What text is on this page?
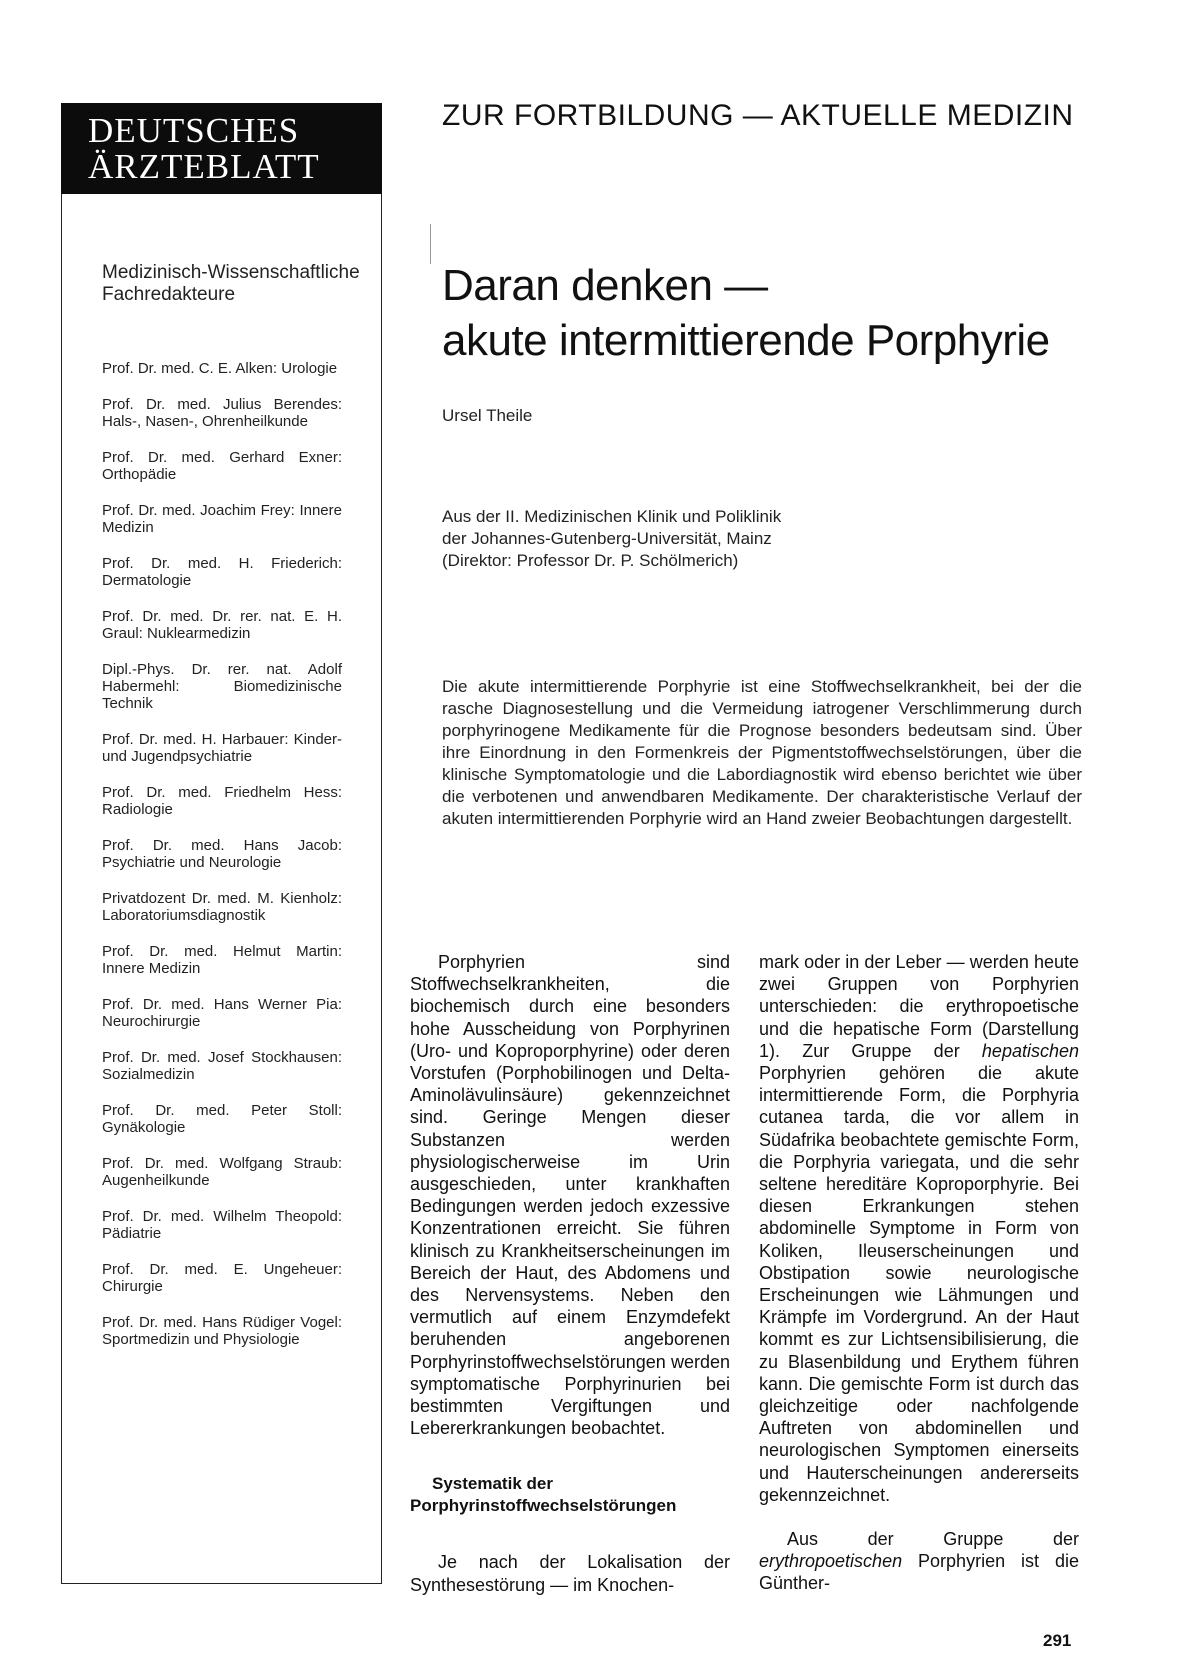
DEUTSCHES
ÄRZTEBLATT
Medizinisch-Wissenschaftliche Fachredakteure
Prof. Dr. med. C. E. Alken: Urologie
Prof. Dr. med. Julius Berendes: Hals-, Nasen-, Ohrenheilkunde
Prof. Dr. med. Gerhard Exner: Orthopädie
Prof. Dr. med. Joachim Frey: Innere Medizin
Prof. Dr. med. H. Friederich: Dermatologie
Prof. Dr. med. Dr. rer. nat. E. H. Graul: Nuklearmedizin
Dipl.-Phys. Dr. rer. nat. Adolf Habermehl: Biomedizinische Technik
Prof. Dr. med. H. Harbauer: Kinder- und Jugendpsychiatrie
Prof. Dr. med. Friedhelm Hess: Radiologie
Prof. Dr. med. Hans Jacob: Psychiatrie und Neurologie
Privatdozent Dr. med. M. Kienholz: Laboratoriumsdiagnostik
Prof. Dr. med. Helmut Martin: Innere Medizin
Prof. Dr. med. Hans Werner Pia: Neurochirurgie
Prof. Dr. med. Josef Stockhausen: Sozialmedizin
Prof. Dr. med. Peter Stoll: Gynäkologie
Prof. Dr. med. Wolfgang Straub: Augenheilkunde
Prof. Dr. med. Wilhelm Theopold: Pädiatrie
Prof. Dr. med. E. Ungeheuer: Chirurgie
Prof. Dr. med. Hans Rüdiger Vogel: Sportmedizin und Physiologie
ZUR FORTBILDUNG — AKTUELLE MEDIZIN
Daran denken —
akute intermittierende Porphyrie
Ursel Theile
Aus der II. Medizinischen Klinik und Poliklinik
der Johannes-Gutenberg-Universität, Mainz
(Direktor: Professor Dr. P. Schölmerich)

Die akute intermittierende Porphyrie ist eine Stoffwechselkrankheit, bei der die rasche Diagnosestellung und die Vermeidung iatrogener Verschlimmerung durch porphyrinogene Medikamente für die Prognose besonders bedeutsam sind. Über ihre Einordnung in den Formenkreis der Pigmentstoffwechselstörungen, über die klinische Symptomatologie und die Labordiagnostik wird ebenso berichtet wie über die verbotenen und anwendbaren Medikamente. Der charakteristische Verlauf der akuten intermittierenden Porphyrie wird an Hand zweier Beobachtungen dargestellt.

Porphyrien sind Stoffwechselkrankheiten, die biochemisch durch eine besonders hohe Ausscheidung von Porphyrinen (Uro- und Koproporphyrine) oder deren Vorstufen (Porphobilinogen und Delta-Aminolävulinsäure) gekennzeichnet sind. Geringe Mengen dieser Substanzen werden physiologischerweise im Urin ausgeschieden, unter krankhaften Bedingungen werden jedoch exzessive Konzentrationen erreicht. Sie führen klinisch zu Krankheitserscheinungen im Bereich der Haut, des Abdomens und des Nervensystems. Neben den vermutlich auf einem Enzymdefekt beruhenden angeborenen Porphyrinstoffwechselstörungen werden symptomatische Porphyrinurien bei bestimmten Vergiftungen und Lebererkrankungen beobachtet.

Systematik der
Porphyrinstoffwechselstörungen

Je nach der Lokalisation der Synthesestörung — im Knochen-

mark oder in der Leber — werden heute zwei Gruppen von Porphyrien unterschieden: die erythropoetische und die hepatische Form (Darstellung 1). Zur Gruppe der hepatischen Porphyrien gehören die akute intermittierende Form, die Porphyria cutanea tarda, die vor allem in Südafrika beobachtete gemischte Form, die Porphyria variegata, und die sehr seltene hereditäre Koproporphyrie. Bei diesen Erkrankungen stehen abdominelle Symptome in Form von Koliken, Ileuserscheinungen und Obstipation sowie neurologische Erscheinungen wie Lähmungen und Krämpfe im Vordergrund. An der Haut kommt es zur Lichtsensibilisierung, die zu Blasenbildung und Erythem führen kann. Die gemischte Form ist durch das gleichzeitige oder nachfolgende Auftreten von abdominellen und neurologischen Symptomen einerseits und Hauterscheinungen andererseits gekennzeichnet.

Aus der Gruppe der erythropoetischen Porphyrien ist die Günther-

291
